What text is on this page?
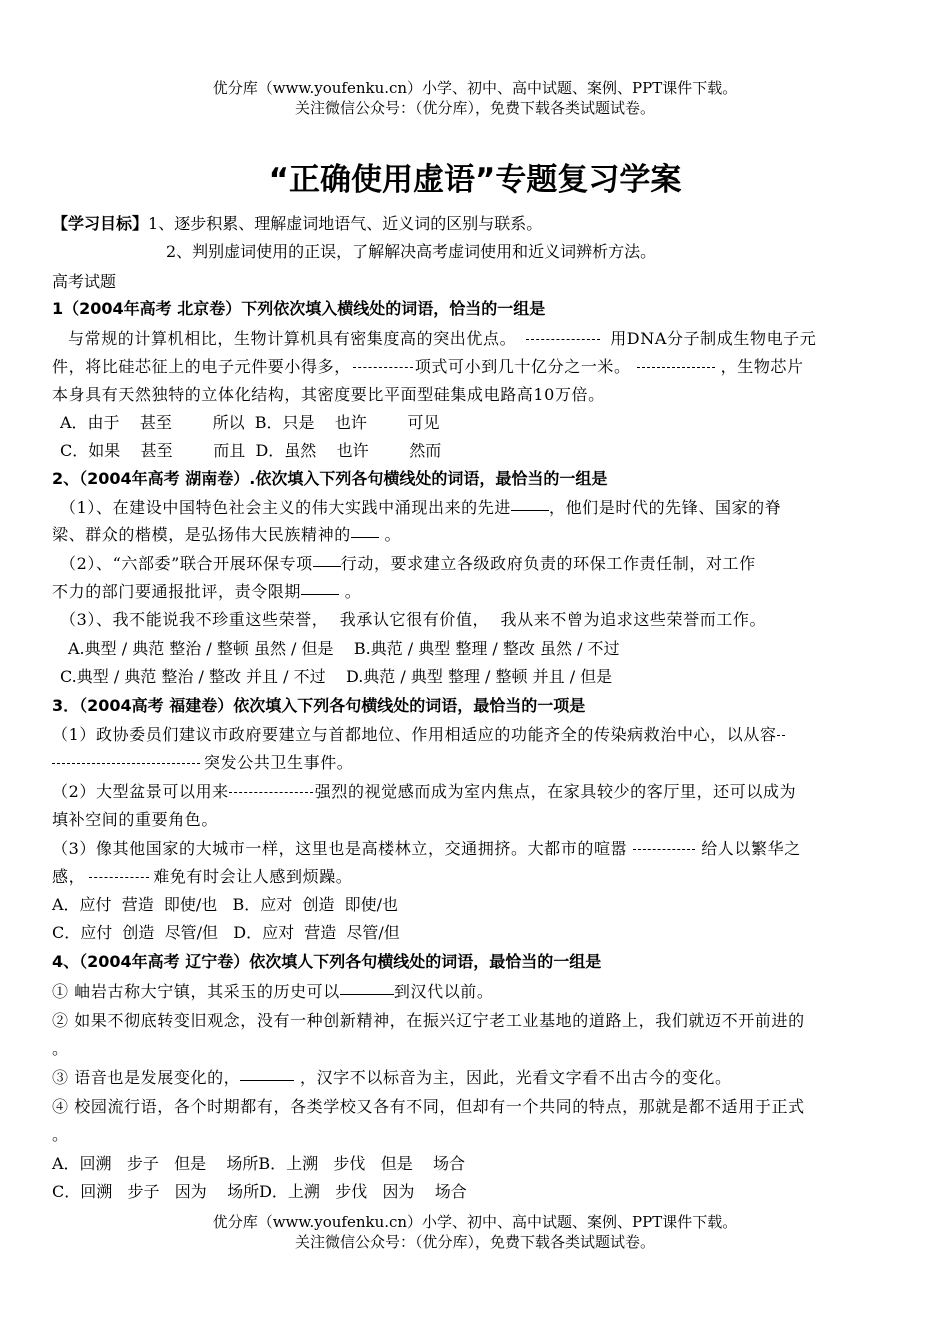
优分库（www.youfenku.cn）小学、初中、高中试题、案例、PPT课件下载。
关注微信公众号：（优分库），免费下载各类试题试卷。
“正确使用虚语”专题复习学案
【学习目标】1、逐步积累、理解虚词地语气、近义词的区别与联系。
2、判别虚词使用的正误，了解解决高考虚词使用和近义词辨析方法。
高考试题
1（2004年高考 北京卷）下列依次填入横线处的词语，恰当的一组是
与常规的计算机相比，生物计算机具有密集度高的突出优点。	用DNA分子制成生物电子元
件，将比硅芯征上的电子元件要小得多，	项式可小到几十亿分之一米。	，生物芯片
本身具有天然独特的立体化结构，其密度要比平面型硅集成电路高10万倍。
A．由于    甚至        所以  B．只是    也许        可见
C．如果    甚至        而且  D．虽然    也许        然而
2、（2004年高考 湖南卷）.依次填入下列各句横线处的词语，最恰当的一组是
（1）、在建设中国特色社会主义的伟大实践中涌现出来的先进 ，他们是时代的先锋、国家的脊
梁、群众的楷模，是弘扬伟大民族精神的 。
（2）、“六部委”联合开展环保专项 行动，要求建立各级政府负责的环保工作责任制，对工作
不力的部门要通报批评，责令限期 。
（3）、我不能说我不珍重这些荣誉，  我承认它很有价值，  我从来不曾为追求这些荣誉而工作。
A.典型 / 典范 整治 / 整顿 虽然 / 但是    B.典范 / 典型 整理 / 整改 虽然 / 不过
C.典型 / 典范 整治 / 整改 并且 / 不过    D.典范 / 典型 整理 / 整顿 并且 / 但是
3．（2004高考 福建卷）依次填入下列各句横线处的词语，最恰当的一项是
（1）政协委员们建议市政府要建立与首都地位、作用相适应的功能齐全的传染病救治中心，以从容
突发公共卫生事件。
（2）大型盆景可以用来	强烈的视觉感而成为室内焦点，在家具较少的客厅里，还可以成为
填补空间的重要角色。
（3）像其他国家的大城市一样，这里也是高楼林立，交通拥挤。大都市的喧嚣	给人以繁华之
感，	难免有时会让人感到烦躁。
A．应付  营造  即使/也   B．应对  创造  即使/也
C．应付  创造  尽管/但   D．应对  营造  尽管/但
4、（2004年高考 辽宁卷）依次填人下列各句横线处的词语，最恰当的一组是
① 岫岩古称大宁镇，其采玉的历史可以	到汉代以前。
② 如果不彻底转变旧观念，没有一种创新精神，在振兴辽宁老工业基地的道路上，我们就迈不开前进的
。
③ 语音也是发展变化的，	，汉字不以标音为主，因此，光看文字看不出古今的变化。
④ 校园流行语，各个时期都有，各类学校又各有不同，但却有一个共同的特点，那就是都不适用于正式
。
A．回溯   步子   但是    场所B．上溯   步伐   但是    场合
C．回溯   步子   因为    场所D．上溯   步伐   因为    场合
优分库（www.youfenku.cn）小学、初中、高中试题、案例、PPT课件下载。
关注微信公众号：（优分库），免费下载各类试题试卷。
